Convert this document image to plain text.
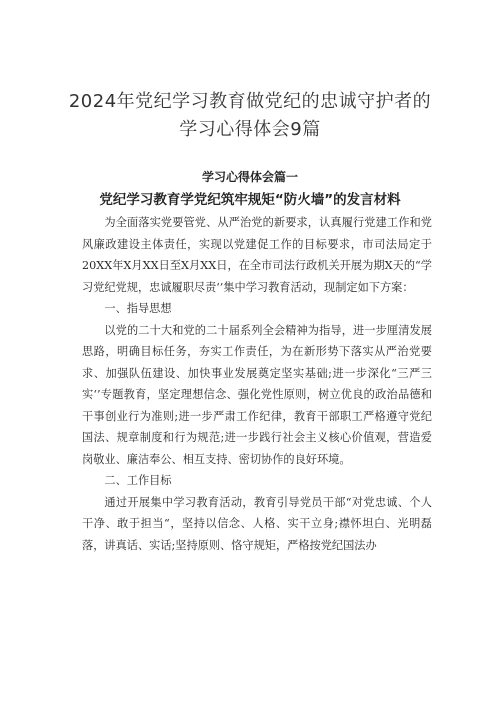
2024年党纪学习教育做党纪的忠诚守护者的
学习心得体会9篇
学习心得体会篇一
党纪学习教育学党纪筑牢规矩“防火墙”的发言材料

为全面落实党要管党、从严治党的新要求，认真履行党建工作和党风廉政建设主体责任，实现以党建促工作的目标要求，市司法局定于20XX年X月XX日至X月XX日，在全市司法行政机关开展为期X天的“学习党纪党规，忠诚履职尽责‘’集中学习教育活动，现制定如下方案：

一、指导思想

以党的二十大和党的二十届系列全会精神为指导，进一步厘清发展思路，明确目标任务，夯实工作责任，为在新形势下落实从严治党要求、加强队伍建设、加快事业发展奠定坚实基础;进一步深化“三严三实‘’专题教育，坚定理想信念、强化党性原则，树立优良的政治品德和干事创业行为准则;进一步严肃工作纪律，教育干部职工严格遵守党纪国法、规章制度和行为规范;进一步践行社会主义核心价值观，营造爱岗敬业、廉洁奉公、相互支持、密切协作的良好环境。

二、工作目标

通过开展集中学习教育活动，教育引导党员干部“对党忠诚、个人干净、敢于担当“，坚持以信念、人格、实干立身;襟怀坦白、光明磊落，讲真话、实话;坚持原则、恪守规矩，严格按党纪国法办
